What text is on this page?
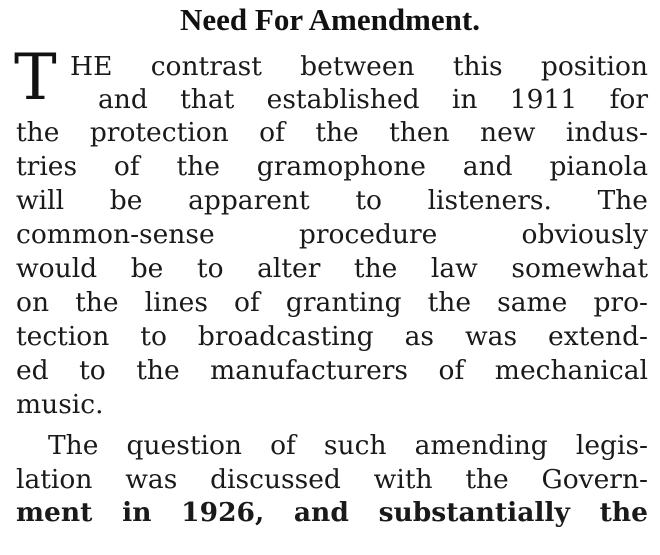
Need For Amendment.
T HE contrast between this position
and that established in 1911 for
the protection of the then new indus-
tries of the gramophone and pianola
will be apparent to listeners. The
common-sense procedure obviously
would be to alter the law somewhat
on the lines of granting the same pro-
tection to broadcasting as was extend-
ed to the manufacturers of mechanical
music.
The question of such amending legis-
lation was discussed with the Govern-
ment in 1926, and substantially the
